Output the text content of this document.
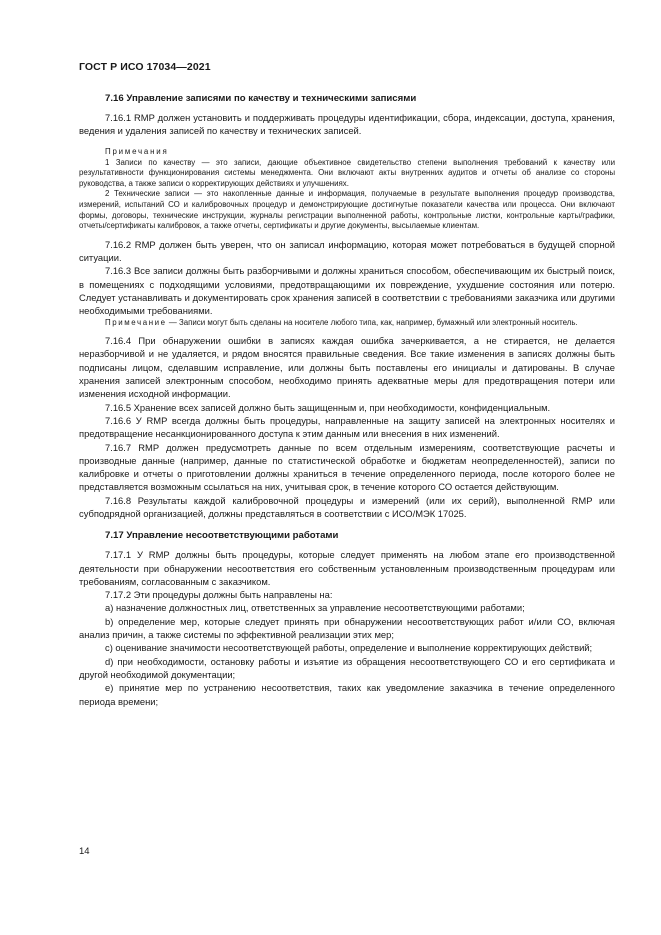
ГОСТ Р ИСО 17034—2021
7.16 Управление записями по качеству и техническими записями

7.16.1 RMP должен установить и поддерживать процедуры идентификации, сбора, индексации, доступа, хранения, ведения и удаления записей по качеству и технических записей.

Примечания

1 Записи по качеству — это записи, дающие объективное свидетельство степени выполнения требований к качеству или результативности функционирования системы менеджмента. Они включают акты внутренних аудитов и отчеты об анализе со стороны руководства, а также записи о корректирующих действиях и улучшениях.

2 Технические записи — это накопленные данные и информация, получаемые в результате выполнения процедур производства, измерений, испытаний СО и калибровочных процедур и демонстрирующие достигнутые показатели качества или процесса. Они включают формы, договоры, технические инструкции, журналы регистрации выполненной работы, контрольные листки, контрольные карты/графики, отчеты/сертификаты калибровок, а также отчеты, сертификаты и другие документы, высылаемые клиентам.

7.16.2 RMP должен быть уверен, что он записал информацию, которая может потребоваться в будущей спорной ситуации.

7.16.3 Все записи должны быть разборчивыми и должны храниться способом, обеспечивающим их быстрый поиск, в помещениях с подходящими условиями, предотвращающими их повреждение, ухудшение состояния или потерю. Следует устанавливать и документировать срок хранения записей в соответствии с требованиями заказчика или другими необходимыми требованиями.

Примечание — Записи могут быть сделаны на носителе любого типа, как, например, бумажный или электронный носитель.

7.16.4 При обнаружении ошибки в записях каждая ошибка зачеркивается, а не стирается, не делается неразборчивой и не удаляется, и рядом вносятся правильные сведения. Все такие изменения в записях должны быть подписаны лицом, сделавшим исправление, или должны быть поставлены его инициалы и датированы. В случае хранения записей электронным способом, необходимо принять адекватные меры для предотвращения потери или изменения исходной информации.

7.16.5 Хранение всех записей должно быть защищенным и, при необходимости, конфиденциальным.

7.16.6 У RMP всегда должны быть процедуры, направленные на защиту записей на электронных носителях и предотвращение несанкционированного доступа к этим данным или внесения в них изменений.

7.16.7 RMP должен предусмотреть данные по всем отдельным измерениям, соответствующие расчеты и производные данные (например, данные по статистической обработке и бюджетам неопределенностей), записи по калибровке и отчеты о приготовлении должны храниться в течение определенного периода, после которого более не представляется возможным ссылаться на них, учитывая срок, в течение которого СО остается действующим.

7.16.8 Результаты каждой калибровочной процедуры и измерений (или их серий), выполненной RMP или субподрядной организацией, должны представляться в соответствии с ИСО/МЭК 17025.

7.17 Управление несоответствующими работами

7.17.1 У RMP должны быть процедуры, которые следует применять на любом этапе его производственной деятельности при обнаружении несоответствия его собственным установленным производственным процедурам или требованиям, согласованным с заказчиком.

7.17.2 Эти процедуры должны быть направлены на:

а) назначение должностных лиц, ответственных за управление несоответствующими работами;

b) определение мер, которые следует принять при обнаружении несоответствующих работ и/или СО, включая анализ причин, а также системы по эффективной реализации этих мер;

с) оценивание значимости несоответствующей работы, определение и выполнение корректирующих действий;

d) при необходимости, остановку работы и изъятие из обращения несоответствующего СО и его сертификата и другой необходимой документации;

е) принятие мер по устранению несоответствия, таких как уведомление заказчика в течение определенного периода времени;

14
